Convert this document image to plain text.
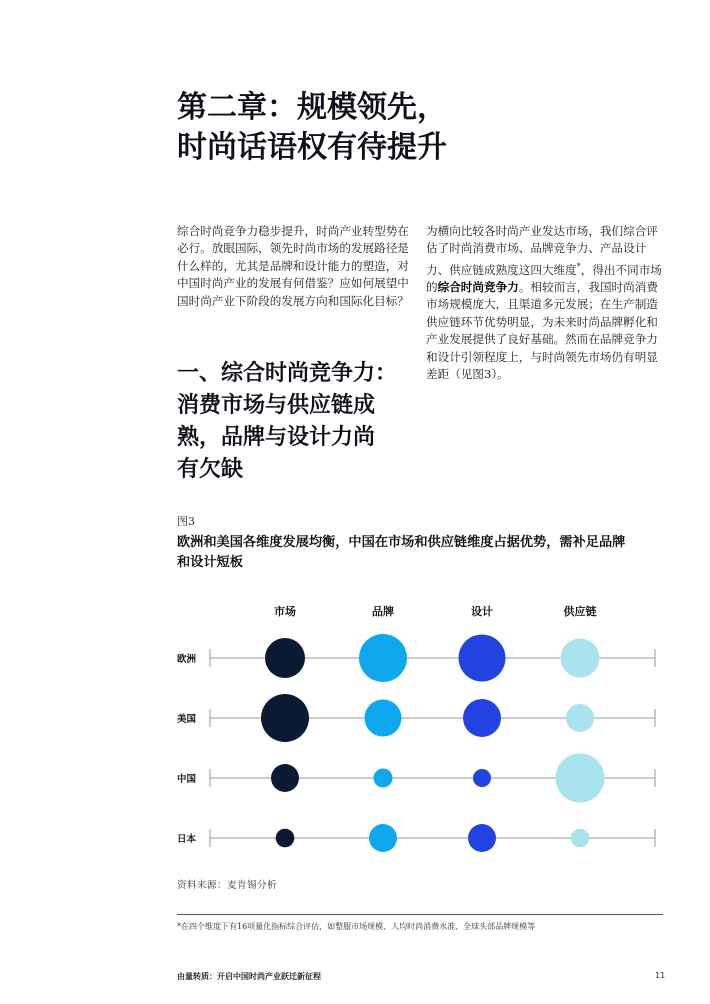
第二章：规模领先，
时尚话语权有待提升
综合时尚竞争力稳步提升，时尚产业转型势在必行。放眼国际，领先时尚市场的发展路径是什么样的，尤其是品牌和设计能力的塑造，对中国时尚产业的发展有何借鉴？应如何展望中国时尚产业下阶段的发展方向和国际化目标？
为横向比较各时尚产业发达市场，我们综合评估了时尚消费市场、品牌竞争力、产品设计力、供应链成熟度这四大维度*，得出不同市场的综合时尚竞争力。相较而言，我国时尚消费市场规模庞大，且渠道多元发展；在生产制造供应链环节优势明显，为未来时尚品牌孵化和产业发展提供了良好基础。然而在品牌竞争力和设计引领程度上，与时尚领先市场仍有明显差距（见图3）。
一、综合时尚竞争力：
消费市场与供应链成
熟，品牌与设计力尚
有欠缺
图3
欧洲和美国各维度发展均衡，中国在市场和供应链维度占据优势，需补足品牌
和设计短板
市场	品牌	设计	供应链
欧洲
美国
中国
日本
资料来源：麦肯锡分析
*在四个维度下有16项量化指标综合评估，如整服市场规模、人均时尚消费水准、全球头部品牌规模等
由量转质：开启中国时尚产业跃迁新征程	11
